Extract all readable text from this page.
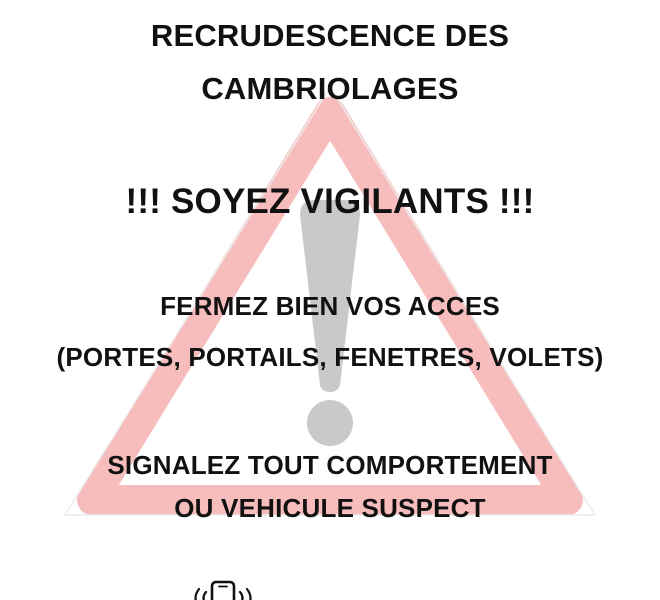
RECRUDESCENCE DES
CAMBRIOLAGES
!!! SOYEZ VIGILANTS !!!
FERMEZ BIEN VOS ACCES
(PORTES, PORTAILS, FENETRES, VOLETS)
SIGNALEZ TOUT COMPORTEMENT
OU VEHICULE SUSPECT
